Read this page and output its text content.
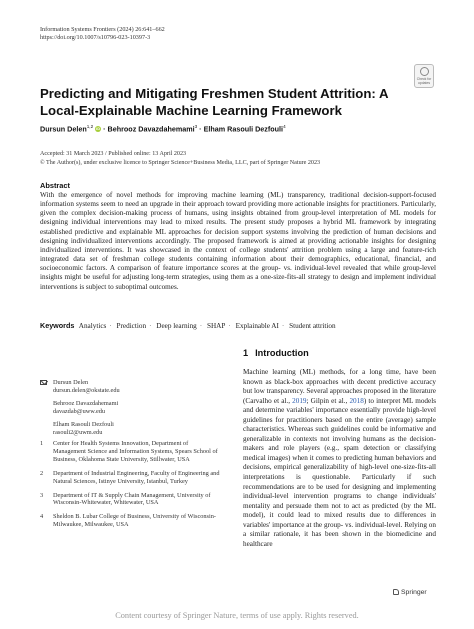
Information Systems Frontiers (2024) 26:641–662
https://doi.org/10.1007/s10796-023-10397-3
Check for updates
Predicting and Mitigating Freshmen Student Attrition: A Local-Explainable Machine Learning Framework
Dursun Delen$^{1,2}$ iD · Behrooz Davazdahemami$^3$ · Elham Rasouli Dezfouli$^4$
Accepted: 31 March 2023 / Published online: 13 April 2023
© The Author(s), under exclusive licence to Springer Science+Business Media, LLC, part of Springer Nature 2023
Abstract

With the emergence of novel methods for improving machine learning (ML) transparency, traditional decision-support-focused information systems seem to need an upgrade in their approach toward providing more actionable insights for practitioners. Particularly, given the complex decision-making process of humans, using insights obtained from group-level interpretation of ML models for designing individual interventions may lead to mixed results. The present study proposes a hybrid ML framework by integrating established predictive and explainable ML approaches for decision support systems involving the prediction of human decisions and designing individualized interventions accordingly. The proposed framework is aimed at providing actionable insights for designing individualized interventions. It was showcased in the context of college students' attrition problem using a large and feature-rich integrated data set of freshman college students containing information about their demographics, educational, financial, and socioeconomic factors. A comparison of feature importance scores at the group- vs. individual-level revealed that while group-level insights might be useful for adjusting long-term strategies, using them as a one-size-fits-all strategy to design and implement individual interventions is subject to suboptimal outcomes.

Keywords Analytics · Prediction · Deep learning · SHAP · Explainable AI · Student attrition
1 Introduction

Machine learning (ML) methods, for a long time, have been known as black-box approaches with decent predictive accuracy but low transparency. Several approaches proposed in the literature (Carvalho et al., 2019; Gilpin et al., 2018) to interpret ML models and determine variables' importance essentially provide high-level guidelines for practitioners based on the entire (average) sample characteristics. Whereas such guidelines could be informative and generalizable in contexts not involving humans as the decision-makers and role players (e.g., spam detection or classifying medical images) when it comes to predicting human behaviors and decisions, empirical generalizability of high-level one-size-fits-all interpretations is questionable. Particularly if such recommendations are to be used for designing and implementing individual-level intervention programs to change individuals' mentality and persuade them not to act as predicted (by the ML model), it could lead to mixed results due to differences in variables' importance at the group- vs. individual-level. Relying on a similar rationale, it has been shown in the biomedicine and healthcare

Dursun Delen
dursun.delen@okstate.edu
Behrooz Davazdahemami
davazdab@uww.edu
Elham Rasouli Dezfouli
rasouli2@uwm.edu
1 Center for Health Systems Innovation, Department of Management Science and Information Systems, Spears School of Business, Oklahoma State University, Stillwater, USA
2 Department of Industrial Engineering, Faculty of Engineering and Natural Sciences, Istinye University, Istanbul, Turkey
3 Department of IT & Supply Chain Management, University of Wisconsin-Whitewater, Whitewater, USA
4 Sheldon B. Lubar College of Business, University of Wisconsin-Milwaukee, Milwaukee, USA
Springer
Content courtesy of Springer Nature, terms of use apply. Rights reserved.
